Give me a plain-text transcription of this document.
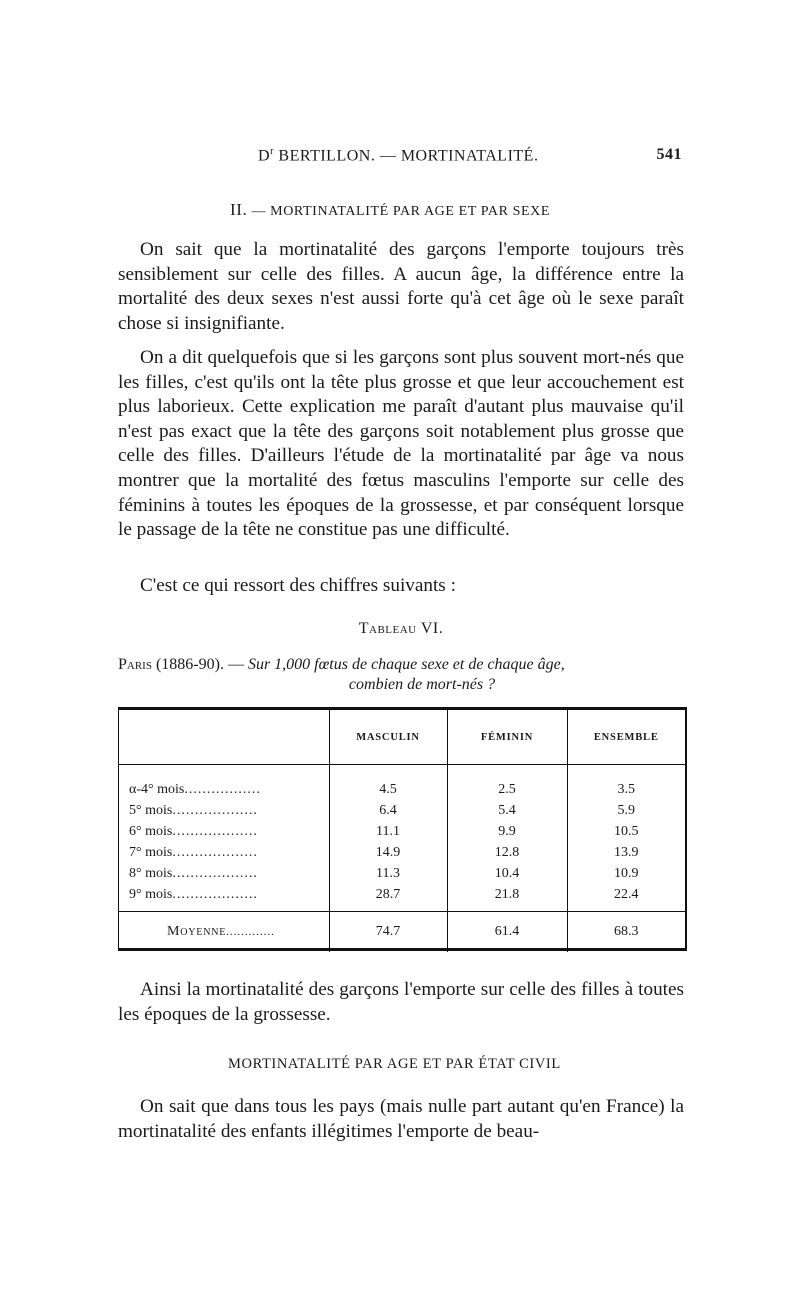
$D^r$ BERTILLON. — MORTINATALITÉ.	541
II. — MORTINATALITÉ PAR AGE ET PAR SEXE

On sait que la mortinatalité des garçons l'emporte toujours très sensiblement sur celle des filles. A aucun âge, la différence entre la mortalité des deux sexes n'est aussi forte qu'à cet âge où le sexe paraît chose si insignifiante.

On a dit quelquefois que si les garçons sont plus souvent mort-nés que les filles, c'est qu'ils ont la tête plus grosse et que leur accouchement est plus laborieux. Cette explication me paraît d'autant plus mauvaise qu'il n'est pas exact que la tête des garçons soit notablement plus grosse que celle des filles. D'ailleurs l'étude de la mortinatalité par âge va nous montrer que la mortalité des fœtus masculins l'emporte sur celle des féminins à toutes les époques de la grossesse, et par conséquent lorsque le passage de la tête ne constitue pas une difficulté.

C'est ce qui ressort des chiffres suivants :

Tableau VI.
Paris (1886-90). — Sur 1,000 fœtus de chaque sexe et de chaque âge,
combien de mort-nés ?
	MASCULIN	FÉMININ	ENSEMBLE

α-4° mois.................	4.5	2.5	3.5
5° mois...................	6.4	5.4	5.9
6° mois...................	11.1	9.9	10.5
7° mois...................	14.9	12.8	13.9
8° mois...................	11.3	10.4	10.9
9° mois...................	28.7	21.8	22.4
Moyenne.............	74.7	61.4	68.3

Ainsi la mortinatalité des garçons l'emporte sur celle des filles à toutes les époques de la grossesse.

MORTINATALITÉ PAR AGE ET PAR ÉTAT CIVIL

On sait que dans tous les pays (mais nulle part autant qu'en France) la mortinatalité des enfants illégitimes l'emporte de beau-
